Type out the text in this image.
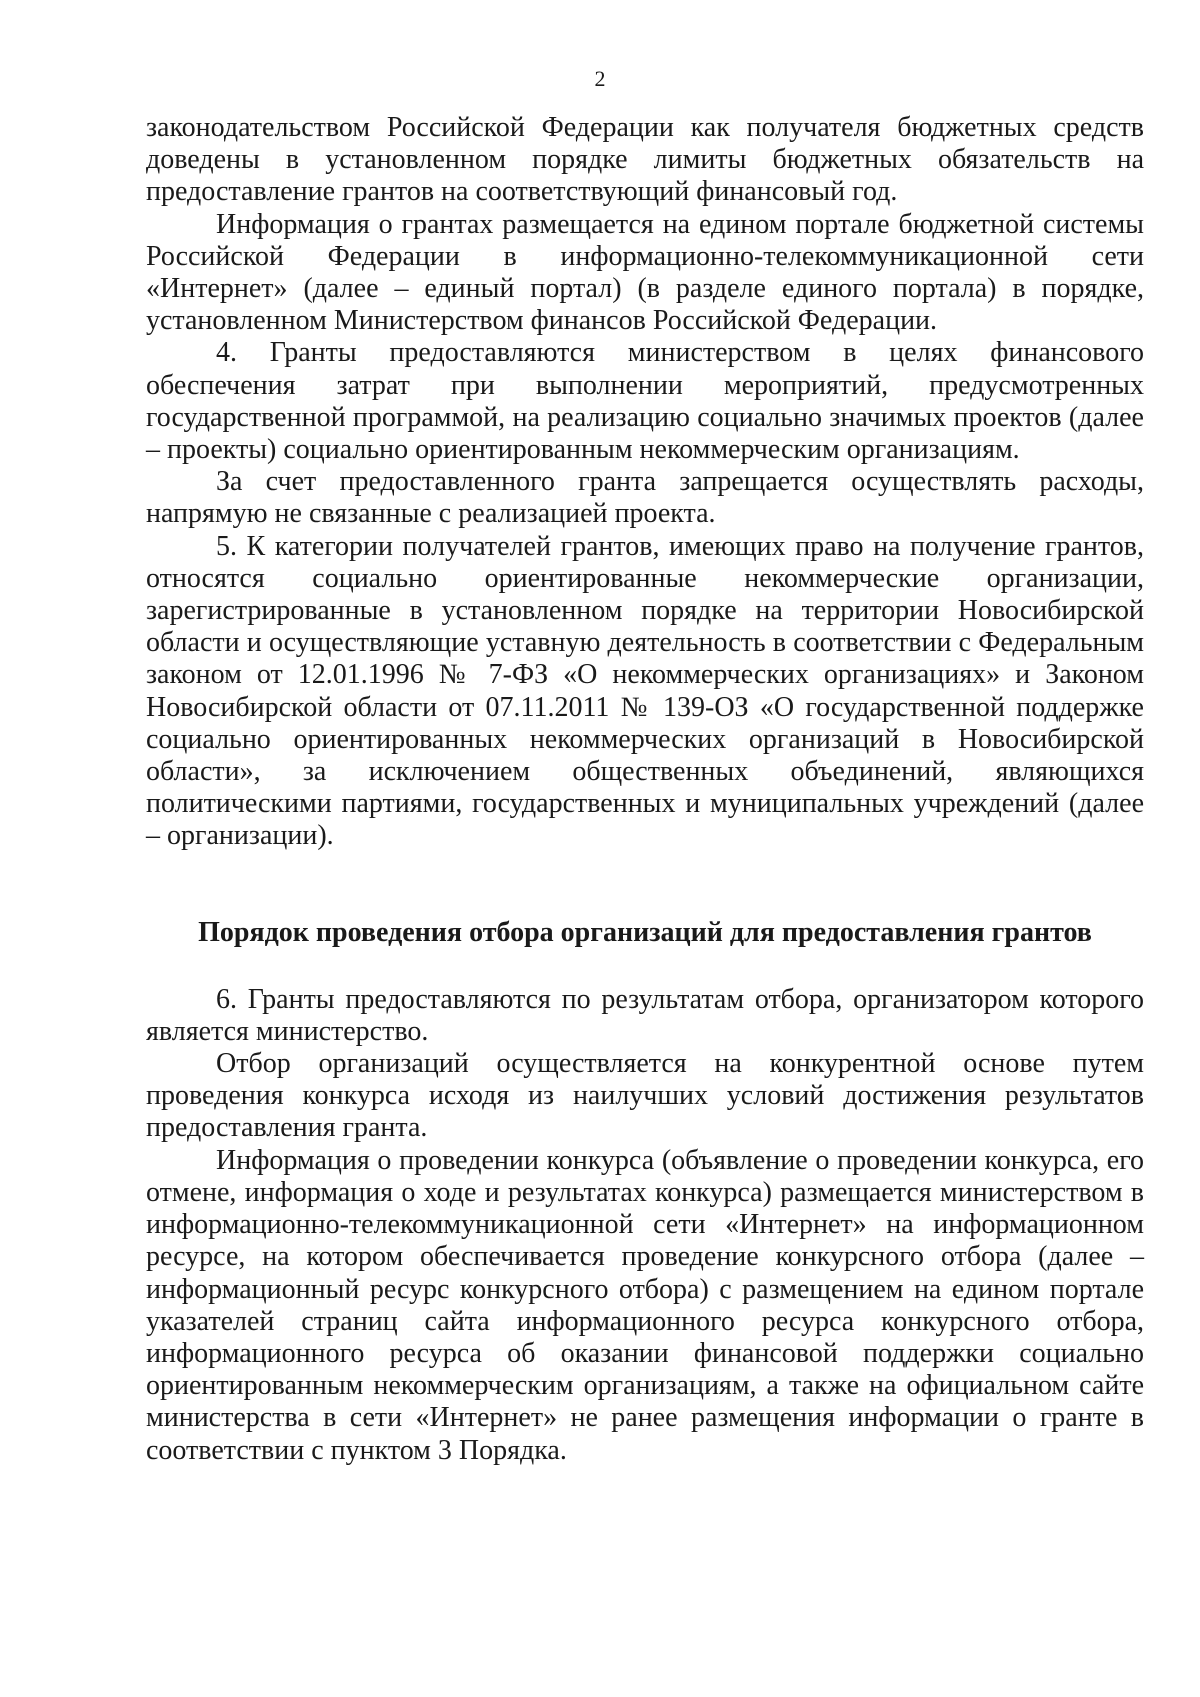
2

законодательством Российской Федерации как получателя бюджетных средств доведены в установленном порядке лимиты бюджетных обязательств на предоставление грантов на соответствующий финансовый год.

Информация о грантах размещается на едином портале бюджетной системы Российской Федерации в информационно-телекоммуникационной сети «Интернет» (далее – единый портал) (в разделе единого портала) в порядке, установленном Министерством финансов Российской Федерации.

4. Гранты предоставляются министерством в целях финансового обеспечения затрат при выполнении мероприятий, предусмотренных государственной программой, на реализацию социально значимых проектов (далее – проекты) социально ориентированным некоммерческим организациям.

За счет предоставленного гранта запрещается осуществлять расходы, напрямую не связанные с реализацией проекта.

5. К категории получателей грантов, имеющих право на получение грантов, относятся социально ориентированные некоммерческие организации, зарегистрированные в установленном порядке на территории Новосибирской области и осуществляющие уставную деятельность в соответствии с Федеральным законом от 12.01.1996 № 7-ФЗ «О некоммерческих организациях» и Законом Новосибирской области от 07.11.2011 № 139-ОЗ «О государственной поддержке социально ориентированных некоммерческих организаций в Новосибирской области», за исключением общественных объединений, являющихся политическими партиями, государственных и муниципальных учреждений (далее – организации).

Порядок проведения отбора организаций для предоставления грантов

6. Гранты предоставляются по результатам отбора, организатором которого является министерство.

Отбор организаций осуществляется на конкурентной основе путем проведения конкурса исходя из наилучших условий достижения результатов предоставления гранта.

Информация о проведении конкурса (объявление о проведении конкурса, его отмене, информация о ходе и результатах конкурса) размещается министерством в информационно-телекоммуникационной сети «Интернет» на информационном ресурсе, на котором обеспечивается проведение конкурсного отбора (далее – информационный ресурс конкурсного отбора) с размещением на едином портале указателей страниц сайта информационного ресурса конкурсного отбора, информационного ресурса об оказании финансовой поддержки социально ориентированным некоммерческим организациям, а также на официальном сайте министерства в сети «Интернет» не ранее размещения информации о гранте в соответствии с пунктом 3 Порядка.
